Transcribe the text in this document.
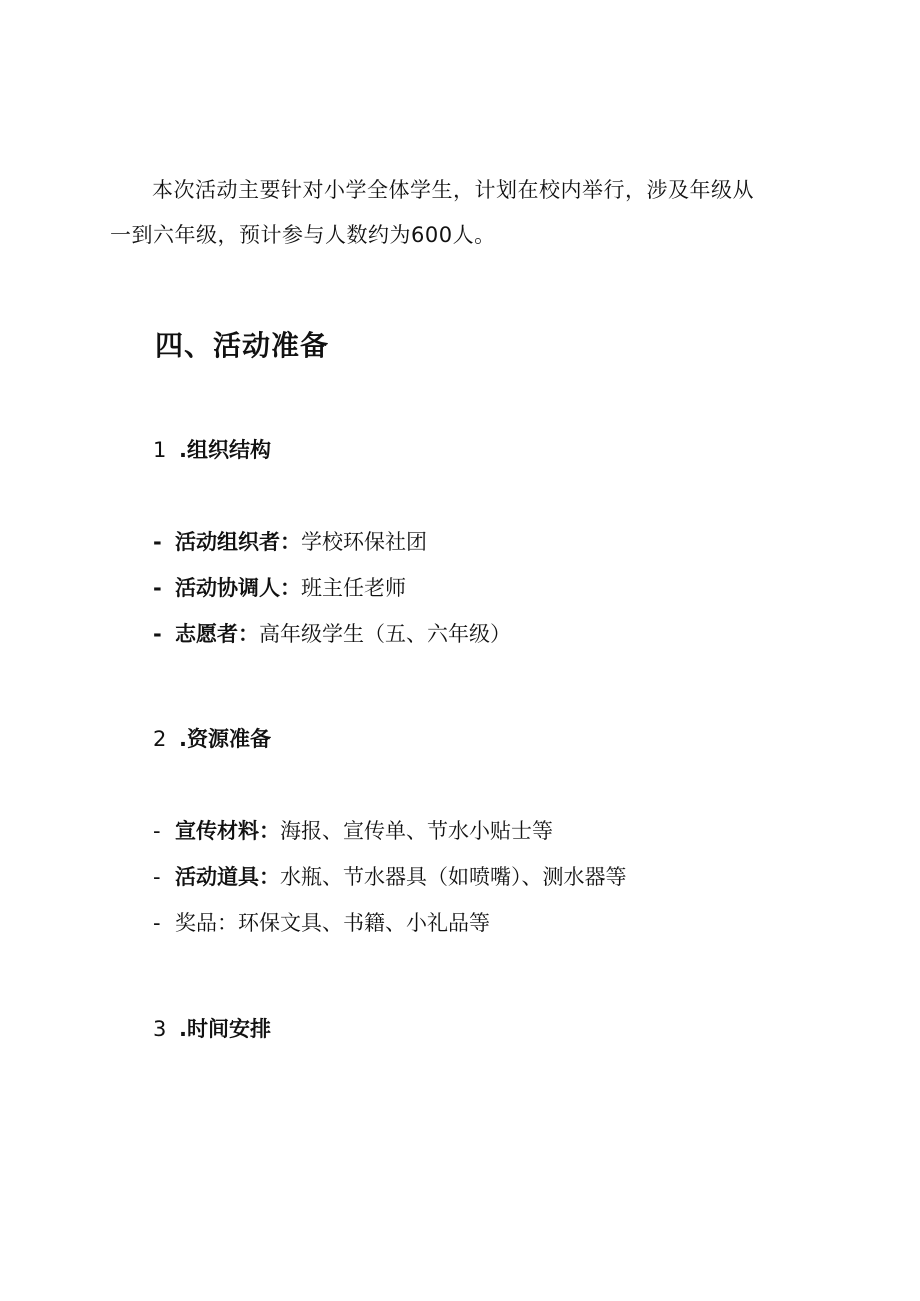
本次活动主要针对小学全体学生，计划在校内举行，涉及年级从
一到六年级，预计参与人数约为600人。

四、活动准备
1 .组织结构
- 活动组织者：学校环保社团
- 活动协调人：班主任老师
- 志愿者：高年级学生（五、六年级）
2 .资源准备
- 宣传材料：海报、宣传单、节水小贴士等
- 活动道具：水瓶、节水器具（如喷嘴）、测水器等
- 奖品：环保文具、书籍、小礼品等
3 .时间安排
